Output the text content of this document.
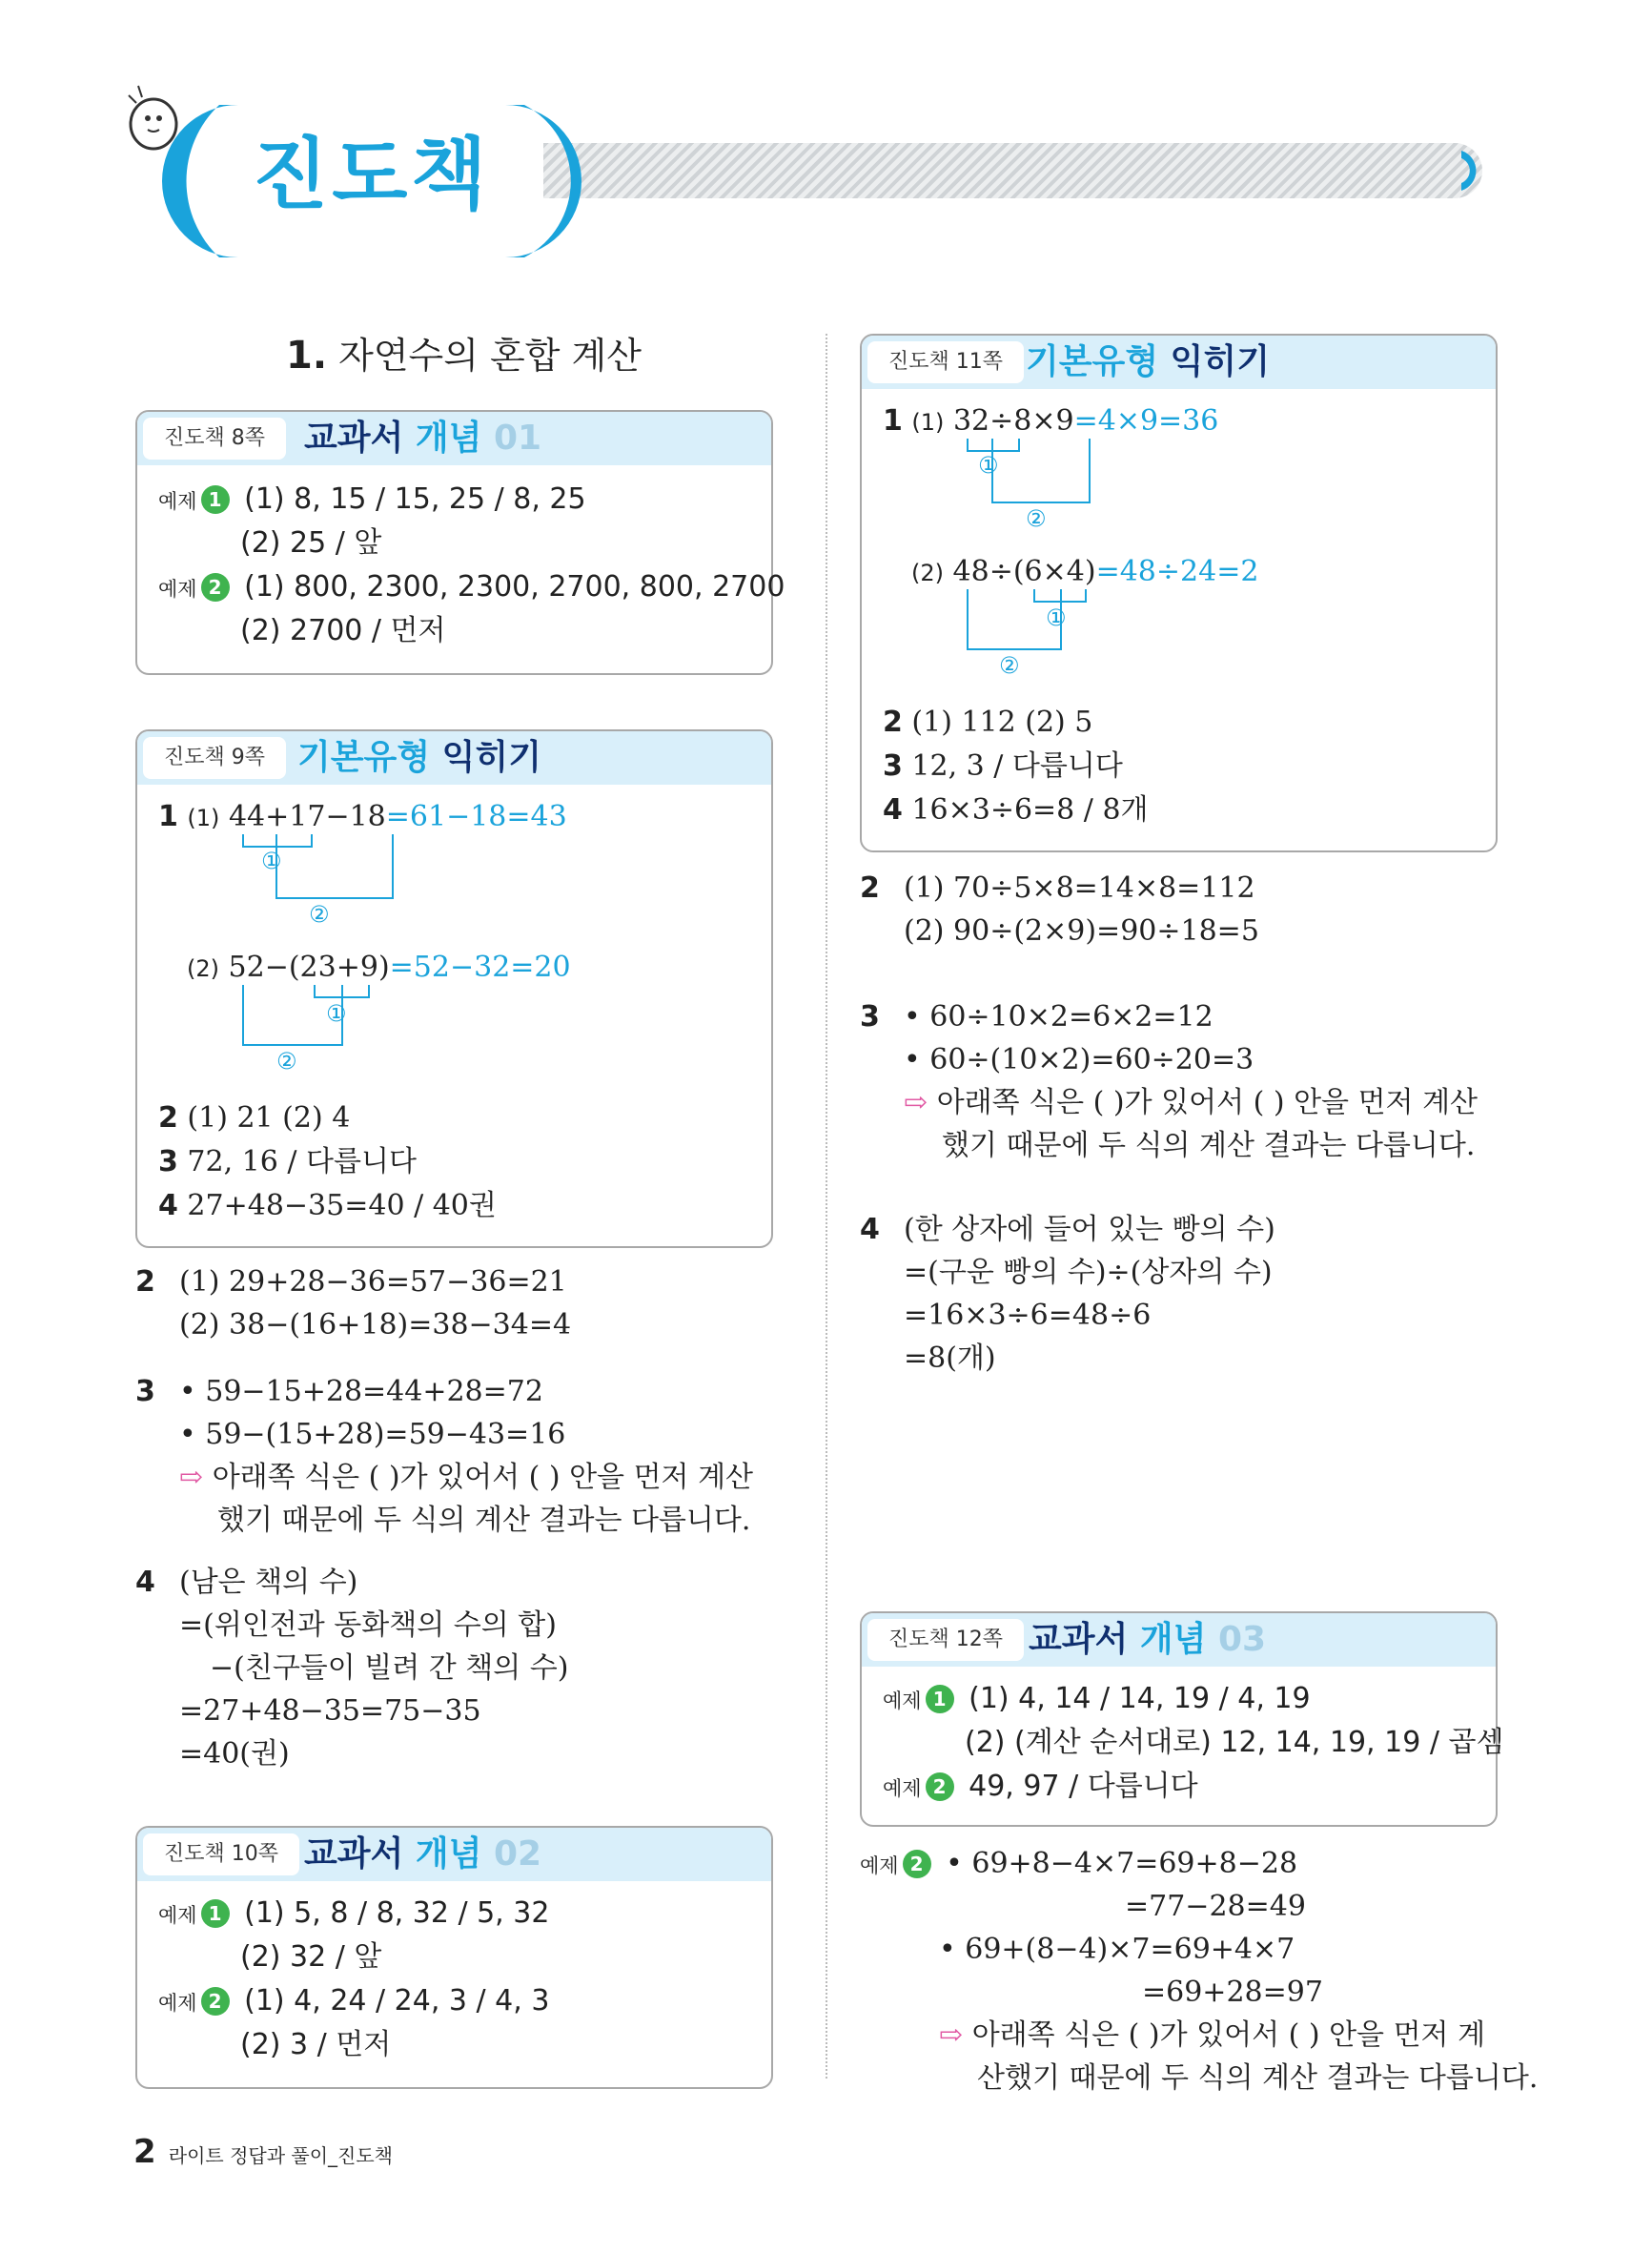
진도책
1. 자연수의 혼합 계산
진도책 8쪽	교과서 개념 01
예제 1 (1) 8, 15 / 15, 25 / 8, 25
(2) 25 / 앞
예제 2 (1) 800, 2300, 2300, 2700, 800, 2700
(2) 2700 / 먼저
진도책 9쪽 기본유형 익히기
1 (1) 44+17−18=61−18=43
①
②
(2) 52−(23+9)=52−32=20
①
②
2 (1) 21 (2) 4
3 72, 16 / 다릅니다
4 27+48−35=40 / 40권
2 (1) 29+28−36=57−36=21
(2) 38−(16+18)=38−34=4
3 • 59−15+28=44+28=72
• 59−(15+28)=59−43=16
⇨ 아래쪽 식은 ( )가 있어서 ( ) 안을 먼저 계산
했기 때문에 두 식의 계산 결과는 다릅니다.
4 (남은 책의 수)
=(위인전과 동화책의 수의 합)
−(친구들이 빌려 간 책의 수)
=27+48−35=75−35
=40(권)
진도책 10쪽 교과서 개념 02
예제 1 (1) 5, 8 / 8, 32 / 5, 32
(2) 32 / 앞
예제 2 (1) 4, 24 / 24, 3 / 4, 3
(2) 3 / 먼저
진도책 11쪽 기본유형 익히기
1 (1) 32÷8×9=4×9=36
①
②
(2) 48÷(6×4)=48÷24=2
①
②
2 (1) 112 (2) 5
3 12, 3 / 다릅니다
4 16×3÷6=8 / 8개
2 (1) 70÷5×8=14×8=112
(2) 90÷(2×9)=90÷18=5
3 • 60÷10×2=6×2=12
• 60÷(10×2)=60÷20=3
⇨ 아래쪽 식은 ( )가 있어서 ( ) 안을 먼저 계산
했기 때문에 두 식의 계산 결과는 다릅니다.
4 (한 상자에 들어 있는 빵의 수)
=(구운 빵의 수)÷(상자의 수)
=16×3÷6=48÷6
=8(개)
진도책 12쪽 교과서 개념 03
예제 1 (1) 4, 14 / 14, 19 / 4, 19
(2) (계산 순서대로) 12, 14, 19, 19 / 곱셈
예제 2 49, 97 / 다릅니다
예제 2 • 69+8−4×7=69+8−28
=77−28=49
• 69+(8−4)×7=69+4×7
=69+28=97
⇨ 아래쪽 식은 ( )가 있어서 ( ) 안을 먼저 계
산했기 때문에 두 식의 계산 결과는 다릅니다.
2 라이트 정답과 풀이_진도책
